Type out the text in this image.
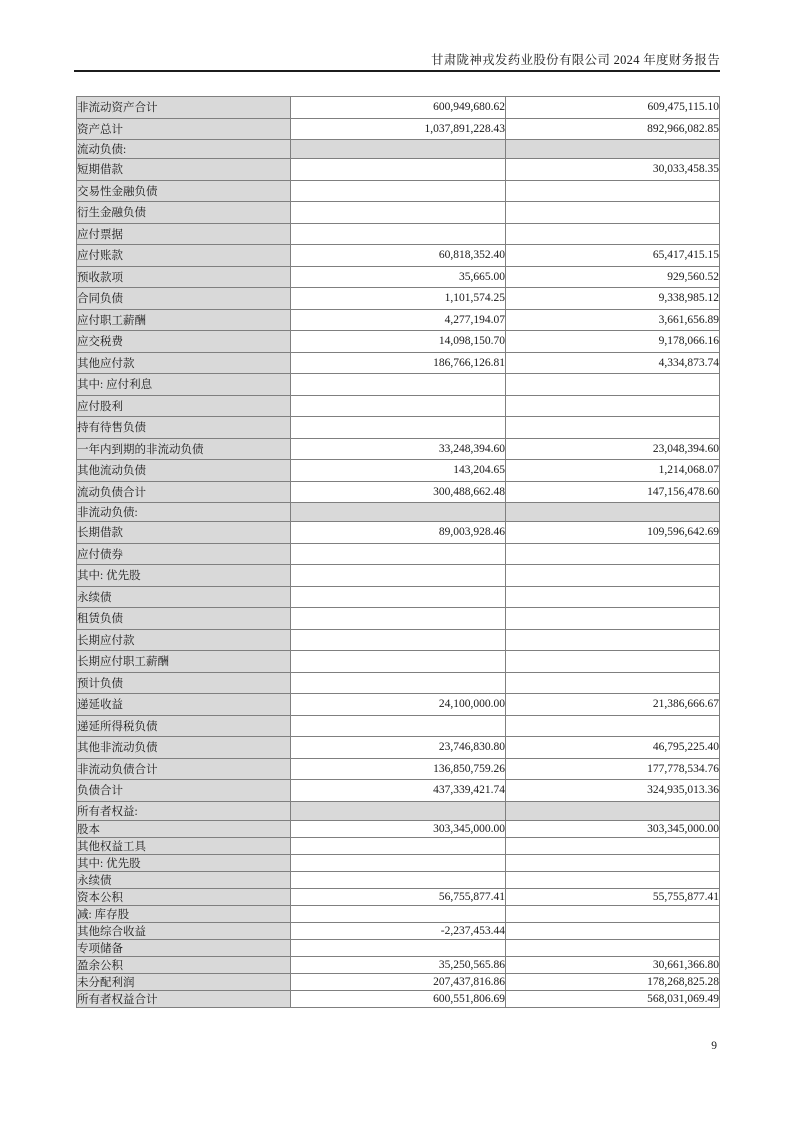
甘肃陇神戎发药业股份有限公司 2024 年度财务报告
非流动资产合计	600,949,680.62	609,475,115.10
资产总计	1,037,891,228.43	892,966,082.85
流动负债:		
短期借款		30,033,458.35
交易性金融负债		
衍生金融负债		
应付票据		
应付账款	60,818,352.40	65,417,415.15
预收款项	35,665.00	929,560.52
合同负债	1,101,574.25	9,338,985.12
应付职工薪酬	4,277,194.07	3,661,656.89
应交税费	14,098,150.70	9,178,066.16
其他应付款	186,766,126.81	4,334,873.74
其中: 应付利息		
应付股利		
持有待售负债		
一年内到期的非流动负债	33,248,394.60	23,048,394.60
其他流动负债	143,204.65	1,214,068.07
流动负债合计	300,488,662.48	147,156,478.60
非流动负债:		
长期借款	89,003,928.46	109,596,642.69
应付债券		
其中: 优先股		
永续债		
租赁负债		
长期应付款		
长期应付职工薪酬		
预计负债		
递延收益	24,100,000.00	21,386,666.67
递延所得税负债		
其他非流动负债	23,746,830.80	46,795,225.40
非流动负债合计	136,850,759.26	177,778,534.76
负债合计	437,339,421.74	324,935,013.36
所有者权益:		
股本	303,345,000.00	303,345,000.00
其他权益工具		
其中: 优先股		
永续债		
资本公积	56,755,877.41	55,755,877.41
减: 库存股		
其他综合收益	-2,237,453.44	
专项储备		
盈余公积	35,250,565.86	30,661,366.80
未分配利润	207,437,816.86	178,268,825.28
所有者权益合计	600,551,806.69	568,031,069.49
9
